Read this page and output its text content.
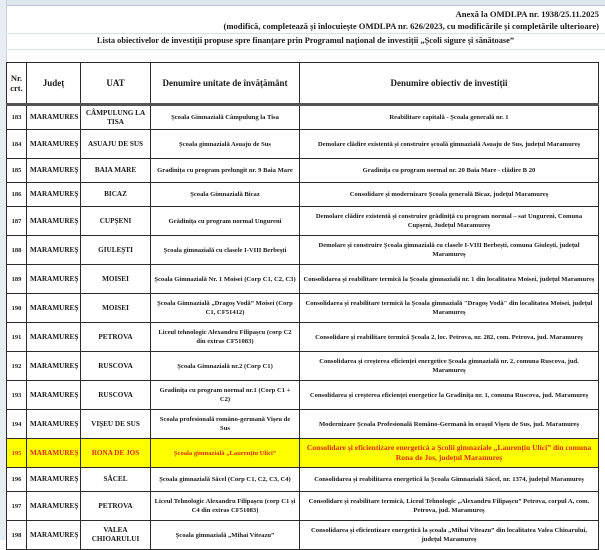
Anexă la OMDLPA nr. 1938/25.11.2025
(modifică, completează și înlocuiește OMDLPA nr. 626/2023, cu modificările și completările ulterioare)
Lista obiectivelor de investiții propuse spre finanțare prin Programul național de investiții „Școli sigure și sănătoase”
Nr. crt.	Județ	UAT	Denumire unitate de învățământ	Denumire obiectiv de investiții
183	MARAMURES	CÂMPULUNG LA TISA	Școala Gimnazială Câmpulung la Tisa	Reabilitare capitală - Școala generală nr. 1
184	MARAMUREȘ	ASUAJU DE SUS	Școala gimnazială Asuaju de Sus	Demolare clădire existentă și construire școală gimnazială Asuaju de Sus, județul Maramureș
185	MARAMUREȘ	BAIA MARE	Gradinița cu program prelungit nr. 9 Baia Mare	Gradinița cu program normal nr. 20 Baia Mare - clădire B 20
186	MARAMUREȘ	BICAZ	Școala Gimnazială Bicaz	Consolidare și modernizare Școala generală Bicaz, județul Maramureș
187	MARAMUREȘ	CUPȘENI	Grădinița cu program normal Ungureni	Demolare clădire existentă și construire grădiniță cu program normal – sat Ungureni, Comuna Cupșeni, Județul Maramureș
188	MARAMUREȘ	GIULEȘTI	Școala gimnazială cu clasele I-VIII Berbeşti	Demolare și construire Școala gimnazială cu clasele I-VIII Berbești, comuna Giulești, județul Maramureș
189	MARAMUREȘ	MOISEI	Școala Gimnazială Nr. 1 Moisei (Corp C1, C2, C3)	Consolidarea și reabilitare termică la Școala gimnazială nr. 1 din localitatea Moisei, județul Maramureș
190	MARAMUREȘ	MOISEI	Școala Gimnazială „Dragoș Vodă” Moisei (Corp C1, CF51412)	Consolidarea și reabilitare termică la Școala gimnazială "Dragoș Vodă" din localitatea Moisei, județul Maramureș
191	MARAMUREȘ	PETROVA	Liceul tehnologic Alexandru Filipașcu (corp C2 din extras CF51083)	Consolidare și reabilitare termică Școala 2, loc. Petrova, nr. 282, com. Petrova, jud. Maramureș
192	MARAMUREȘ	RUSCOVA	Școala Gimnazială nr.2 (Corp C1)	Consolidarea și creșterea eficienței energetice Școala gimnazială nr. 2, comuna Ruscova, jud. Maramureș
193	MARAMUREȘ	RUSCOVA	Gradinița cu program normal nr.1 (Corp C1 + C2)	Consolidarea și creșterea eficienței energetice la Gradinița nr. 1, comuna Ruscova, jud. Maramureș
194	MARAMUREȘ	VIȘEU DE SUS	Scoala profesională romăno-germană Vișeu de Sus	Modernizare Școala Profesională Romăno-Germană în orașul Vișeu de Sus, jud. Maramureș
195	MARAMUREȘ	RONA DE JOS	Școala gimnazială „Laurențiu Ulici”	Consolidare și eficientizare energetică a Școlii gimnaziale „Laurențiu Ulici” din comuna Rona de Jos, județul Maramureș
196	MARAMUREȘ	SĂCEL	Școala gimnazială Săcel (Corp C1, C2, C3, C4)	Consolidarea și reabilitarea energetică la Școala Gimnazială Săcel, nr. 1374, județul Maramureș
197	MARAMUREȘ	PETROVA	Liceul Tehnologic Alexandru Filipașcu (corp C1 și C4 din extras CF51083)	Consolidare și reabilitare termică, Liceul Tehnologic „Alexandru Filipașcu” Petrova, corpul A, com. Petrova, jud. Maramureș
198	MARAMUREȘ	VALEA CHIOARULUI	Școala gimnazială „Mihai Viteazu”	Consolidarea și eficientizare energetică la școala „Mihai Viteazu” din localitatea Valea Chioarului, județul Maramureș
